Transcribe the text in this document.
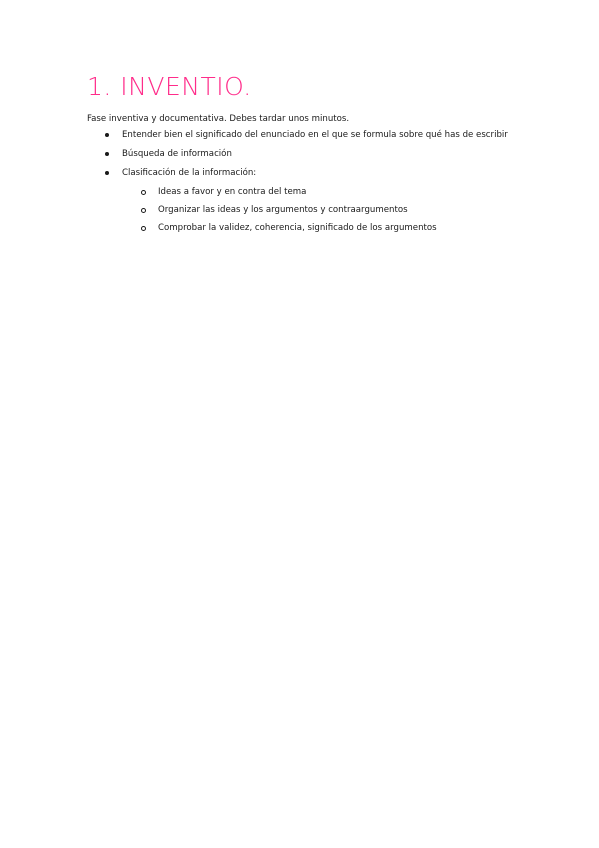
1. INVENTIO.

Fase inventiva y documentativa. Debes tardar unos minutos.

Entender bien el significado del enunciado en el que se formula sobre qué has de escribir
Búsqueda de información
Clasificación de la información:
Ideas a favor y en contra del tema
Organizar las ideas y los argumentos y contraargumentos
Comprobar la validez, coherencia, significado de los argumentos
